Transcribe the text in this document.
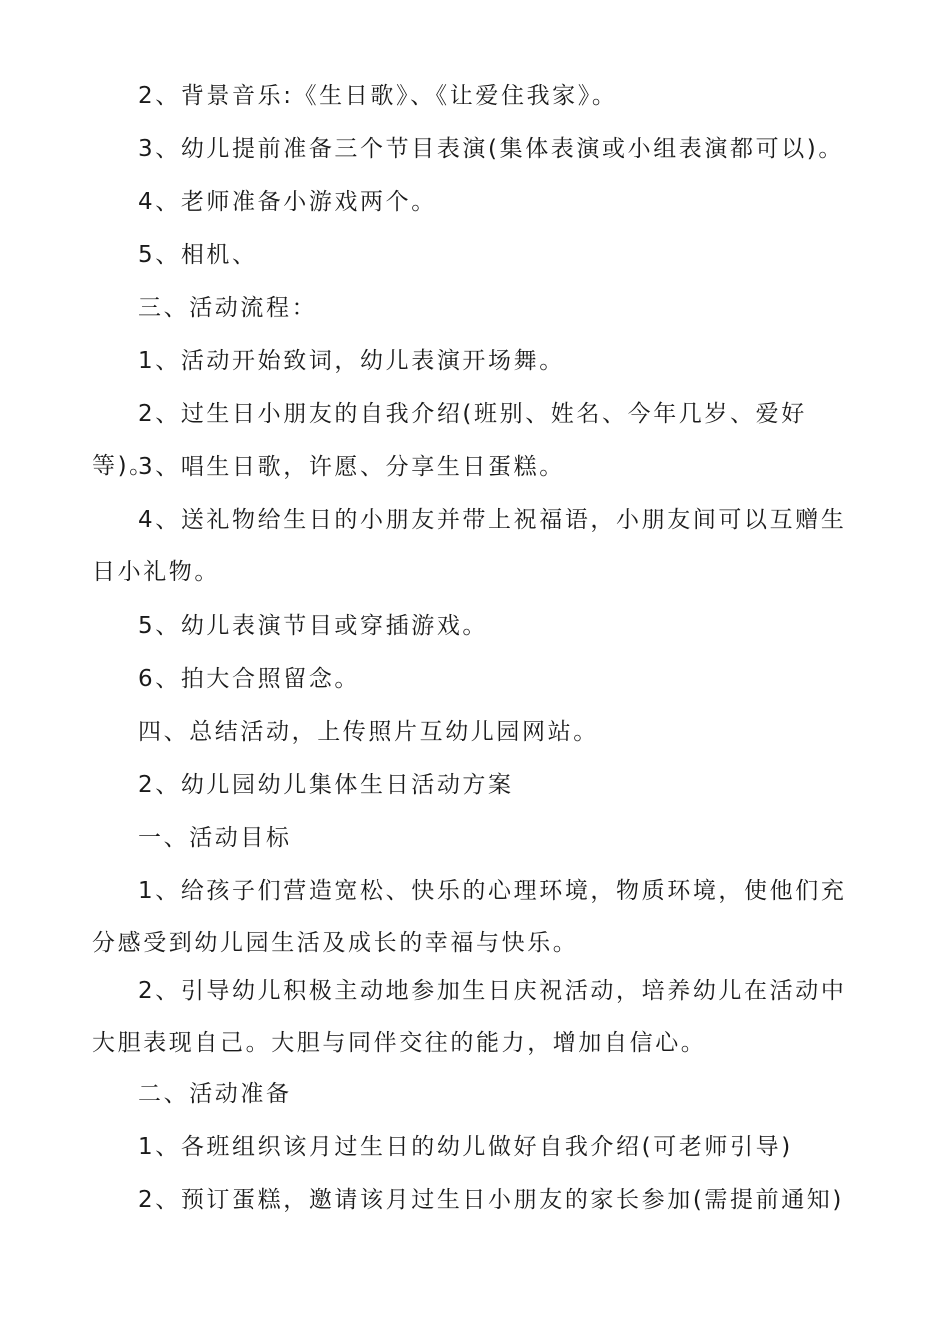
2、背景音乐:《生日歌》、《让爱住我家》。

3、幼儿提前准备三个节目表演(集体表演或小组表演都可以)。

4、老师准备小游戏两个。

5、相机、

三、活动流程：

1、活动开始致词，幼儿表演开场舞。

2、过生日小朋友的自我介绍(班别、姓名、今年几岁、爱好等)。

3、唱生日歌，许愿、分享生日蛋糕。

4、送礼物给生日的小朋友并带上祝福语，小朋友间可以互赠生日小礼物。

5、幼儿表演节目或穿插游戏。

6、拍大合照留念。

四、总结活动，上传照片互幼儿园网站。

2、幼儿园幼儿集体生日活动方案

一、活动目标

1、给孩子们营造宽松、快乐的心理环境，物质环境，使他们充分感受到幼儿园生活及成长的幸福与快乐。

2、引导幼儿积极主动地参加生日庆祝活动，培养幼儿在活动中大胆表现自己。大胆与同伴交往的能力，增加自信心。

二、活动准备

1、各班组织该月过生日的幼儿做好自我介绍(可老师引导)

2、预订蛋糕，邀请该月过生日小朋友的家长参加(需提前通知)
